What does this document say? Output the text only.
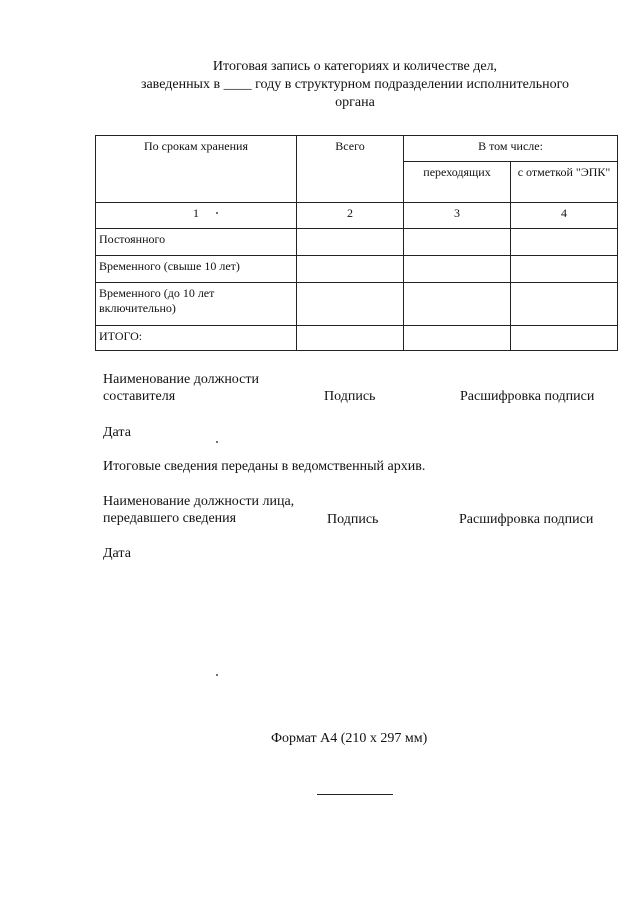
Итоговая запись о категориях и количестве дел,
заведенных в ____ году в структурном подразделении исполнительного
органа
По срокам хранения	Всего	В том числе:	
		переходящих	с отметкой "ЭПК"
1	2	3	4
Постоянного			
Временного (свыше 10 лет)			
Временного (до 10 лет включительно)			
ИТОГО:			
Наименование должности
составителя	Подпись	Расшифровка подписи
Дата
Итоговые сведения переданы в ведомственный архив.
Наименование должности лица,
передавшего сведения	Подпись	Расшифровка подписи
Дата
Формат А4 (210 х 297 мм)
